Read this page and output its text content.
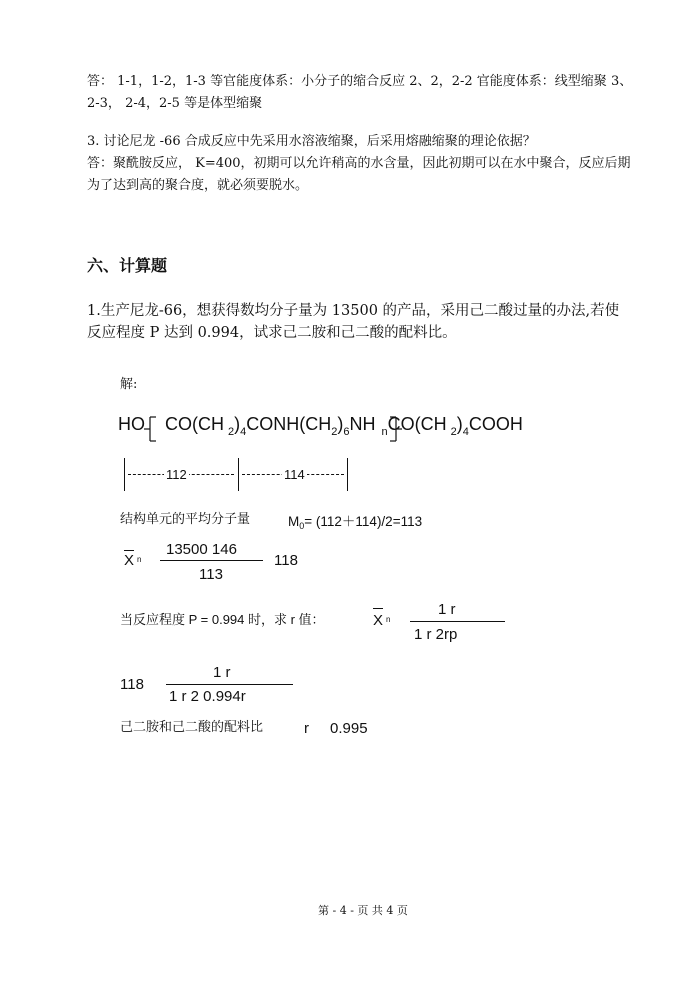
答： 1-1，1-2，1-3 等官能度体系：小分子的缩合反应 2、2，2-2 官能度体系：线型缩聚 3、
2-3， 2-4，2-5 等是体型缩聚
3. 讨论尼龙 -66 合成反应中先采用水溶液缩聚，后采用熔融缩聚的理论依据？
答：聚酰胺反应， K=400，初期可以允许稍高的水含量，因此初期可以在水中聚合，反应后期
为了达到高的聚合度，就必须要脱水。
六、计算题
1.生产尼龙-66，想获得数均分子量为 13500 的产品，采用己二酸过量的办法,若使
反应程度 P 达到 0.994，试求己二胺和己二酸的配料比。
解:
HO CO(CH $_2)_4CONH(CH_2)_6NH$ $_n$CO(CH $_2)_4COOH$
112	114
结构单元的平均分子量	$M_0= (112+114)/2=113$
X $^n$
13500 146
113
118
当反应程度 P = 0.994 时，求 r 值：	X $^n$
1 r
1 r 2rp
118
1 r
1 r 2 0.994r
己二胺和己二酸的配料比	r 0.995
第 - 4 - 页 共 4 页
